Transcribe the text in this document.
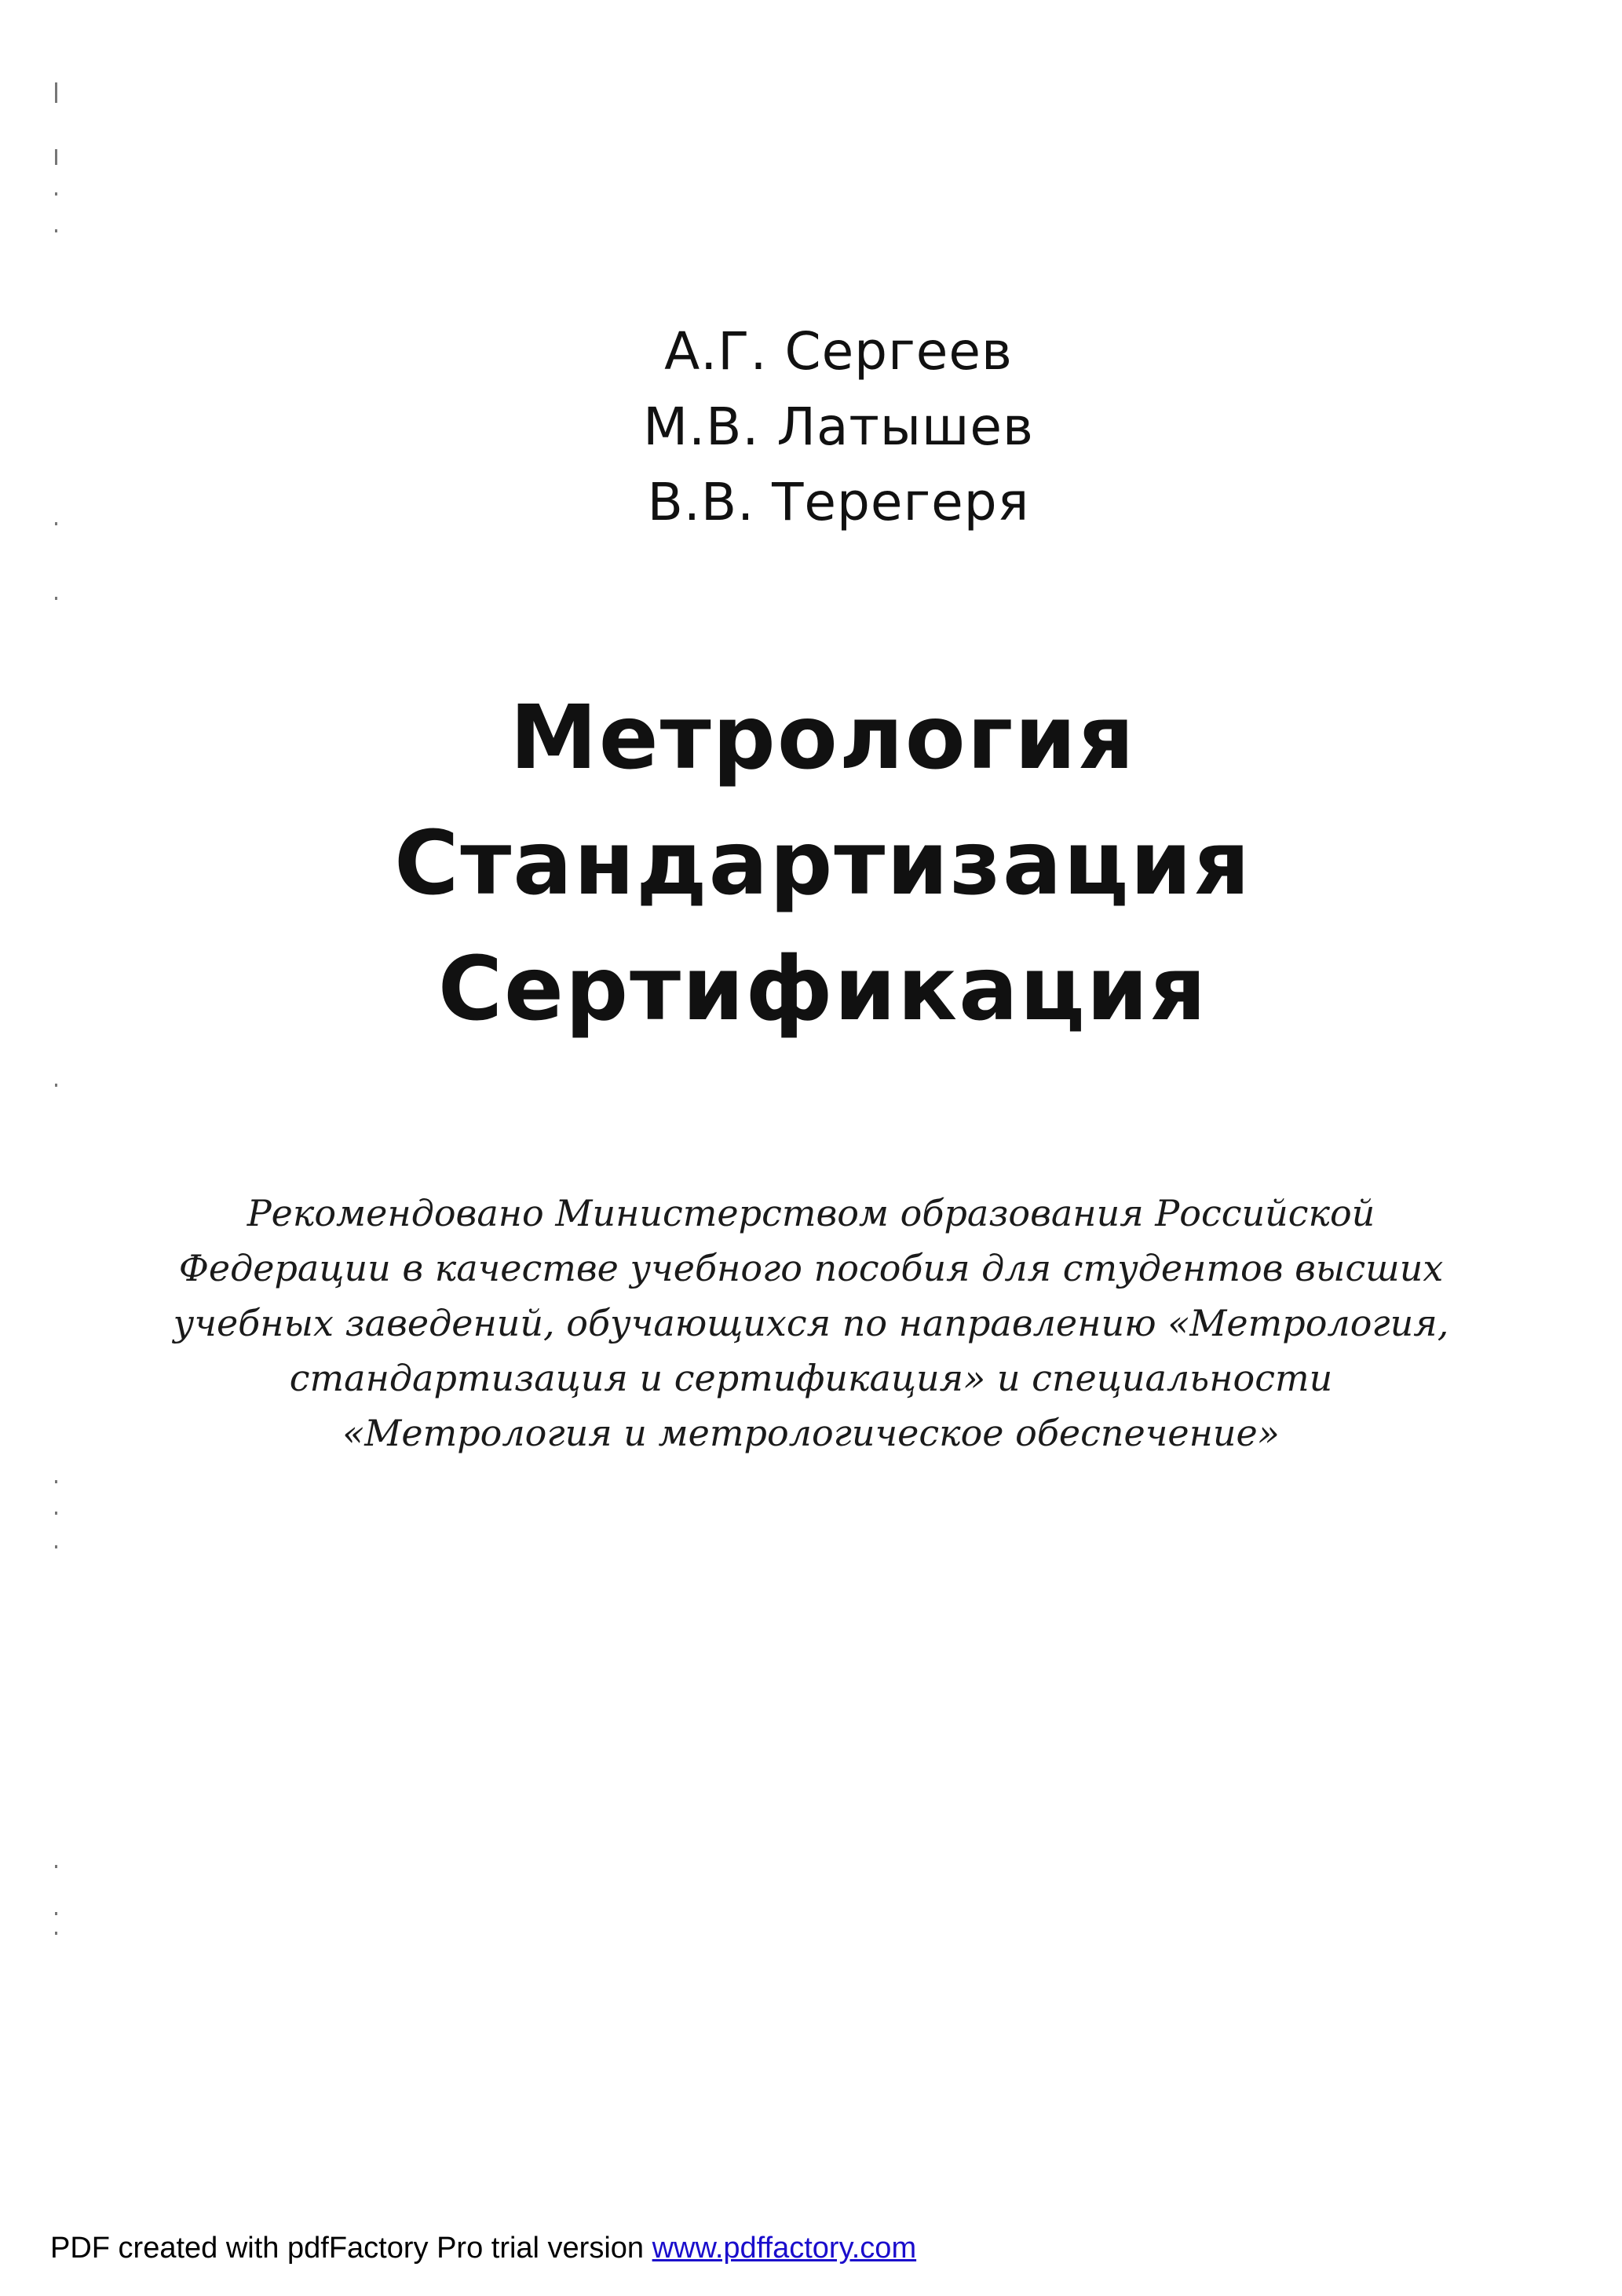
А.Г. Сергеев
М.В. Латышев
В.В. Терегеря
Метрология
Стандартизация
Сертификация
Рекомендовано Министерством образования Российской
Федерации в качестве учебного пособия для студентов высших
учебных заведений, обучающихся по направлению «Метрология,
стандартизация и сертификация» и специальности
«Метрология и метрологическое обеспечение»
PDF created with pdfFactory Pro trial version www.pdffactory.com
